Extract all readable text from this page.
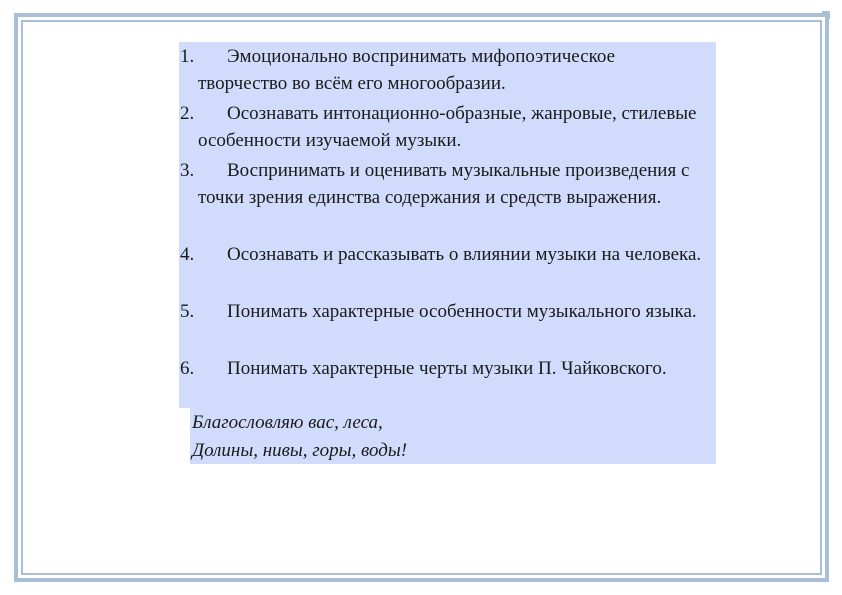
1.	Эмоционально воспринимать мифопоэтическое творчество во всём его многообразии.
2.	Осознавать интонационно-образные, жанровые, стилевые особенности изучаемой музыки.
3.	Воспринимать и оценивать музыкальные произведения с точки зрения единства содержания и средств выражения.
4.	Осознавать и рассказывать о влиянии музыки на человека.
5.	Понимать характерные особенности музыкального языка.
6.	Понимать характерные черты музыки П. Чайковского.
Благословляю вас, леса,
Долины, нивы, горы, воды!
